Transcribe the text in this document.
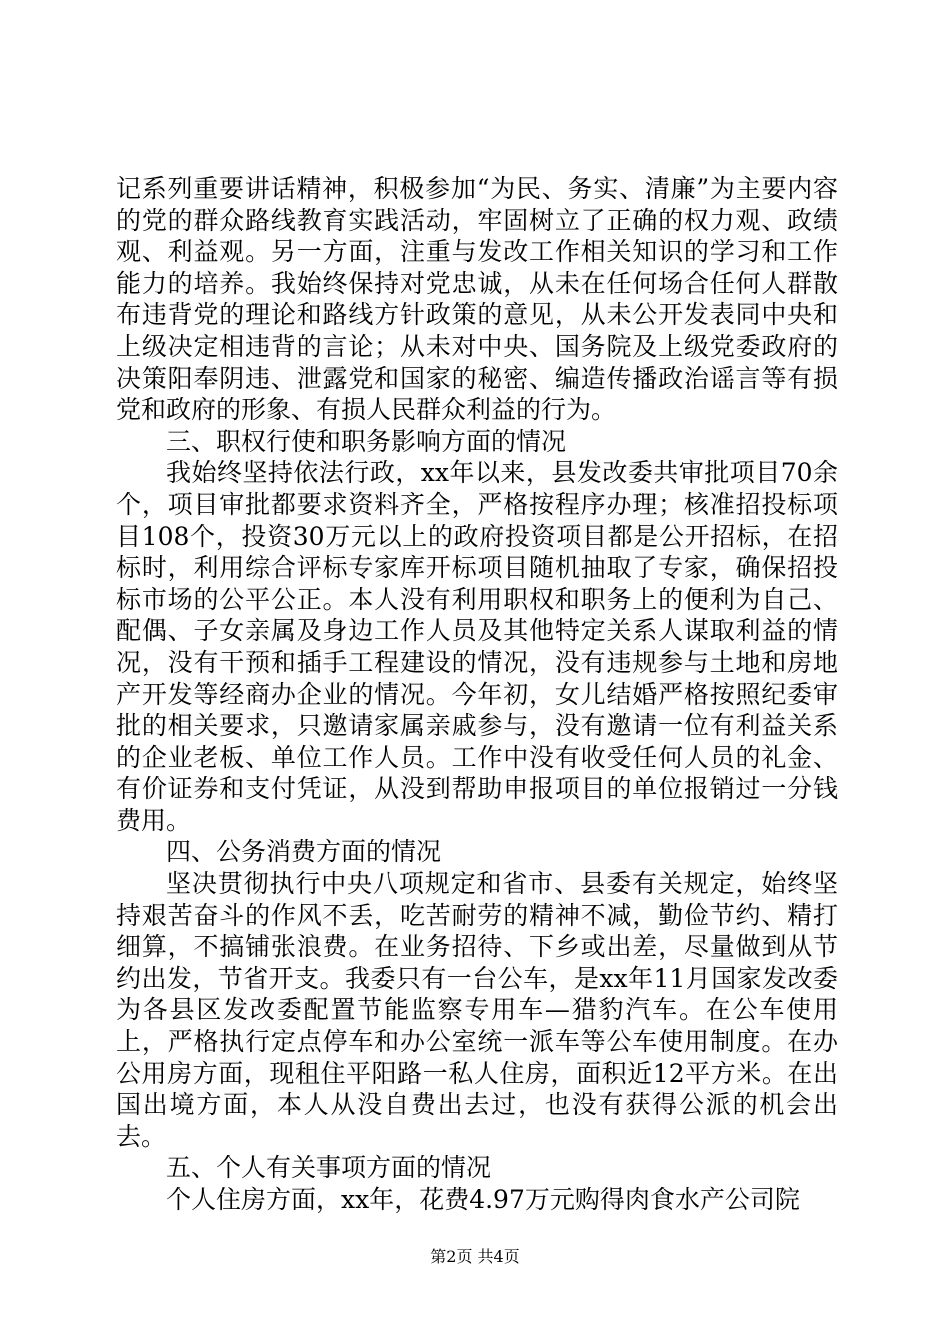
记系列重要讲话精神，积极参加“为民、务实、清廉”为主要内容的党的群众路线教育实践活动，牢固树立了正确的权力观、政绩观、利益观。另一方面，注重与发改工作相关知识的学习和工作能力的培养。我始终保持对党忠诚，从未在任何场合任何人群散布违背党的理论和路线方针政策的意见，从未公开发表同中央和上级决定相违背的言论；从未对中央、国务院及上级党委政府的决策阳奉阴违、泄露党和国家的秘密、编造传播政治谣言等有损党和政府的形象、有损人民群众利益的行为。

三、职权行使和职务影响方面的情况

我始终坚持依法行政，xx年以来，县发改委共审批项目70余个，项目审批都要求资料齐全，严格按程序办理；核准招投标项目108个，投资30万元以上的政府投资项目都是公开招标，在招标时，利用综合评标专家库开标项目随机抽取了专家，确保招投标市场的公平公正。本人没有利用职权和职务上的便利为自己、配偶、子女亲属及身边工作人员及其他特定关系人谋取利益的情况，没有干预和插手工程建设的情况，没有违规参与土地和房地产开发等经商办企业的情况。今年初，女儿结婚严格按照纪委审批的相关要求，只邀请家属亲戚参与，没有邀请一位有利益关系的企业老板、单位工作人员。工作中没有收受任何人员的礼金、有价证券和支付凭证，从没到帮助申报项目的单位报销过一分钱费用。

四、公务消费方面的情况

坚决贯彻执行中央八项规定和省市、县委有关规定，始终坚持艰苦奋斗的作风不丢，吃苦耐劳的精神不减，勤俭节约、精打细算，不搞铺张浪费。在业务招待、下乡或出差，尽量做到从节约出发，节省开支。我委只有一台公车，是xx年11月国家发改委为各县区发改委配置节能监察专用车—猎豹汽车。在公车使用上，严格执行定点停车和办公室统一派车等公车使用制度。在办公用房方面，现租住平阳路一私人住房，面积近12平方米。在出国出境方面，本人从没自费出去过，也没有获得公派的机会出去。

五、个人有关事项方面的情况

个人住房方面，xx年，花费4.97万元购得肉食水产公司院

第2页 共4页
